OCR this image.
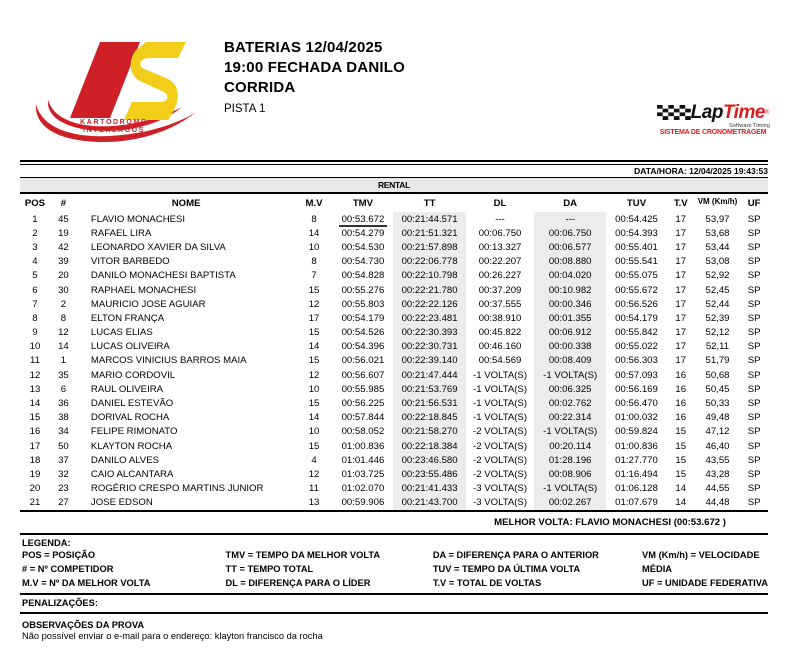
KARTÓDROMO
INTERLAGOS
BATERIAS 12/04/2025
19:00 FECHADA DANILO
CORRIDA
PISTA 1	Lap Time ®
Software Timing
SISTEMA DE CRONOMETRAGEM
DATA/HORA: 12/04/2025 19:43:53
RENTAL
POS	#	NOME	M.V	TMV	TT	DL	DA	TUV	T.V	$^{VM (Km/h)}$	UF
1	45	FLAVIO MONACHESI	8	00:53.672	00:21:44.571	---	---	00:54.425	17	53,97	SP
2	19	RAFAEL LIRA	14	00:54.279	00:21:51.321	00:06.750	00:06.750	00:54.393	17	53,68	SP
3	42	LEONARDO XAVIER DA SILVA	10	00:54.530	00:21:57.898	00:13.327	00:06.577	00:55.401	17	53,44	SP
4	39	VITOR BARBEDO	8	00:54.730	00:22:06.778	00:22.207	00:08.880	00:55.541	17	53,08	SP
5	20	DANILO MONACHESI BAPTISTA	7	00:54.828	00:22:10.798	00:26.227	00:04.020	00:55.075	17	52,92	SP
6	30	RAPHAEL MONACHESI	15	00:55.276	00:22:21.780	00:37.209	00:10.982	00:55.672	17	52,45	SP
7	2	MAURICIO JOSE AGUIAR	12	00:55.803	00:22:22.126	00:37.555	00:00.346	00:56.526	17	52,44	SP
8	8	ELTON FRANÇA	17	00:54.179	00:22:23.481	00:38.910	00:01.355	00:54.179	17	52,39	SP
9	12	LUCAS ELIAS	15	00:54.526	00:22:30.393	00:45.822	00:06.912	00:55.842	17	52,12	SP
10	14	LUCAS OLIVEIRA	14	00:54.396	00:22:30.731	00:46.160	00:00.338	00:55.022	17	52,11	SP
11	1	MARCOS VINICIUS BARROS MAIA	15	00:56.021	00:22:39.140	00:54.569	00:08.409	00:56.303	17	51,79	SP
12	35	MARIO CORDOVIL	12	00:56.607	00:21:47.444	-1 VOLTA(S)	-1 VOLTA(S)	00:57.093	16	50,68	SP
13	6	RAUL OLIVEIRA	10	00:55.985	00:21:53.769	-1 VOLTA(S)	00:06.325	00:56.169	16	50,45	SP
14	36	DANIEL ESTEVÃO	15	00:56.225	00:21:56.531	-1 VOLTA(S)	00:02.762	00:56.470	16	50,33	SP
15	38	DORIVAL ROCHA	14	00:57.844	00:22:18.845	-1 VOLTA(S)	00:22.314	01:00.032	16	49,48	SP
16	34	FELIPE RIMONATO	10	00:58.052	00:21:58.270	-2 VOLTA(S)	-1 VOLTA(S)	00:59.824	15	47,12	SP
17	50	KLAYTON ROCHA	15	01:00.836	00:22:18.384	-2 VOLTA(S)	00:20.114	01:00.836	15	46,40	SP
18	37	DANILO ALVES	4	01:01.446	00:23:46.580	-2 VOLTA(S)	01:28.196	01:27.770	15	43,55	SP
19	32	CAIO ALCANTARA	12	01:03.725	00:23:55.486	-2 VOLTA(S)	00:08.906	01:16.494	15	43,28	SP
20	23	ROGÉRIO CRESPO MARTINS JUNIOR	11	01:02.070	00:21:41.433	-3 VOLTA(S)	-1 VOLTA(S)	01:06.128	14	44,55	SP
21	27	JOSE EDSON	13	00:59.906	00:21:43.700	-3 VOLTA(S)	00:02.267	01:07.679	14	44,48	SP
MELHOR VOLTA: FLAVIO MONACHESI (00:53.672 )
LEGENDA:
POS = POSIÇÃO
# = Nº COMPETIDOR
M.V = Nº DA MELHOR VOLTA
TMV = TEMPO DA MELHOR VOLTA
TT = TEMPO TOTAL
DL = DIFERENÇA PARA O LÍDER
DA = DIFERENÇA PARA O ANTERIOR
TUV = TEMPO DA ÚLTIMA VOLTA
T.V = TOTAL DE VOLTAS
VM (Km/h) = VELOCIDADE
MÉDIA
UF = UNIDADE FEDERATIVA
PENALIZAÇÕES:
OBSERVAÇÕES DA PROVA
Não possível enviar o e-mail para o endereço: klayton francisco da rocha
